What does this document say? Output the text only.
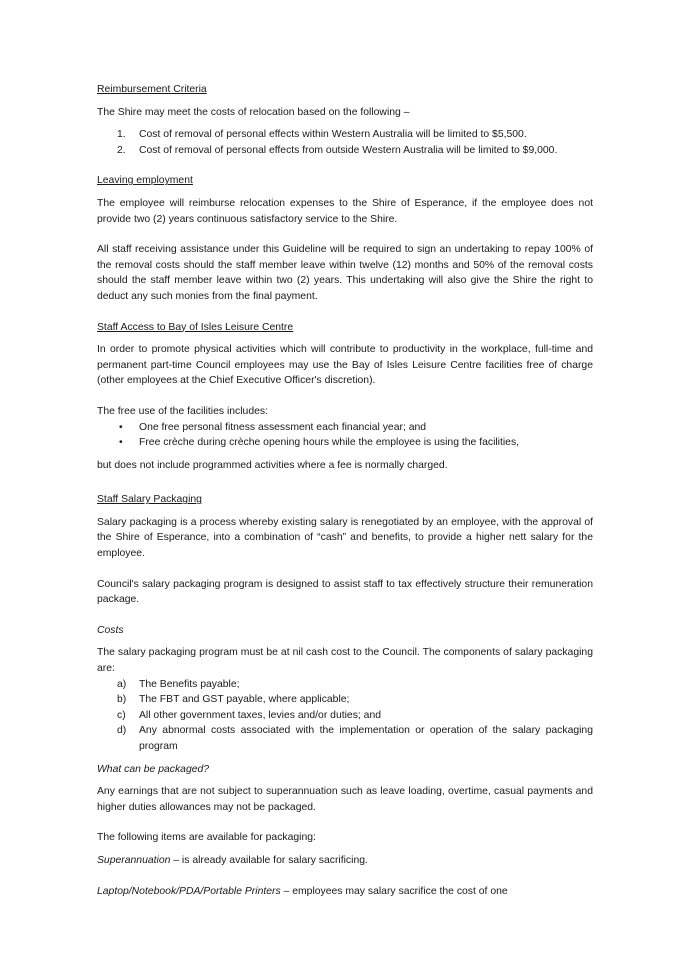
Reimbursement Criteria

The Shire may meet the costs of relocation based on the following –

1. Cost of removal of personal effects within Western Australia will be limited to $5,500.
2. Cost of removal of personal effects from outside Western Australia will be limited to $9,000.
Leaving employment

The employee will reimburse relocation expenses to the Shire of Esperance, if the employee does not provide two (2) years continuous satisfactory service to the Shire.

All staff receiving assistance under this Guideline will be required to sign an undertaking to repay 100% of the removal costs should the staff member leave within twelve (12) months and 50% of the removal costs should the staff member leave within two (2) years. This undertaking will also give the Shire the right to deduct any such monies from the final payment.

Staff Access to Bay of Isles Leisure Centre

In order to promote physical activities which will contribute to productivity in the workplace, full-time and permanent part-time Council employees may use the Bay of Isles Leisure Centre facilities free of charge (other employees at the Chief Executive Officer's discretion).

The free use of the facilities includes:

• One free personal fitness assessment each financial year; and
• Free crèche during crèche opening hours while the employee is using the facilities,

but does not include programmed activities where a fee is normally charged.

Staff Salary Packaging

Salary packaging is a process whereby existing salary is renegotiated by an employee, with the approval of the Shire of Esperance, into a combination of “cash” and benefits, to provide a higher nett salary for the employee.

Council's salary packaging program is designed to assist staff to tax effectively structure their remuneration package.

Costs

The salary packaging program must be at nil cash cost to the Council. The components of salary packaging are:

a) The Benefits payable;
b) The FBT and GST payable, where applicable;
c) All other government taxes, levies and/or duties; and
d) Any abnormal costs associated with the implementation or operation of the salary packaging program

What can be packaged?

Any earnings that are not subject to superannuation such as leave loading, overtime, casual payments and higher duties allowances may not be packaged.

The following items are available for packaging:

Superannuation – is already available for salary sacrificing.

Laptop/Notebook/PDA/Portable Printers – employees may salary sacrifice the cost of one
